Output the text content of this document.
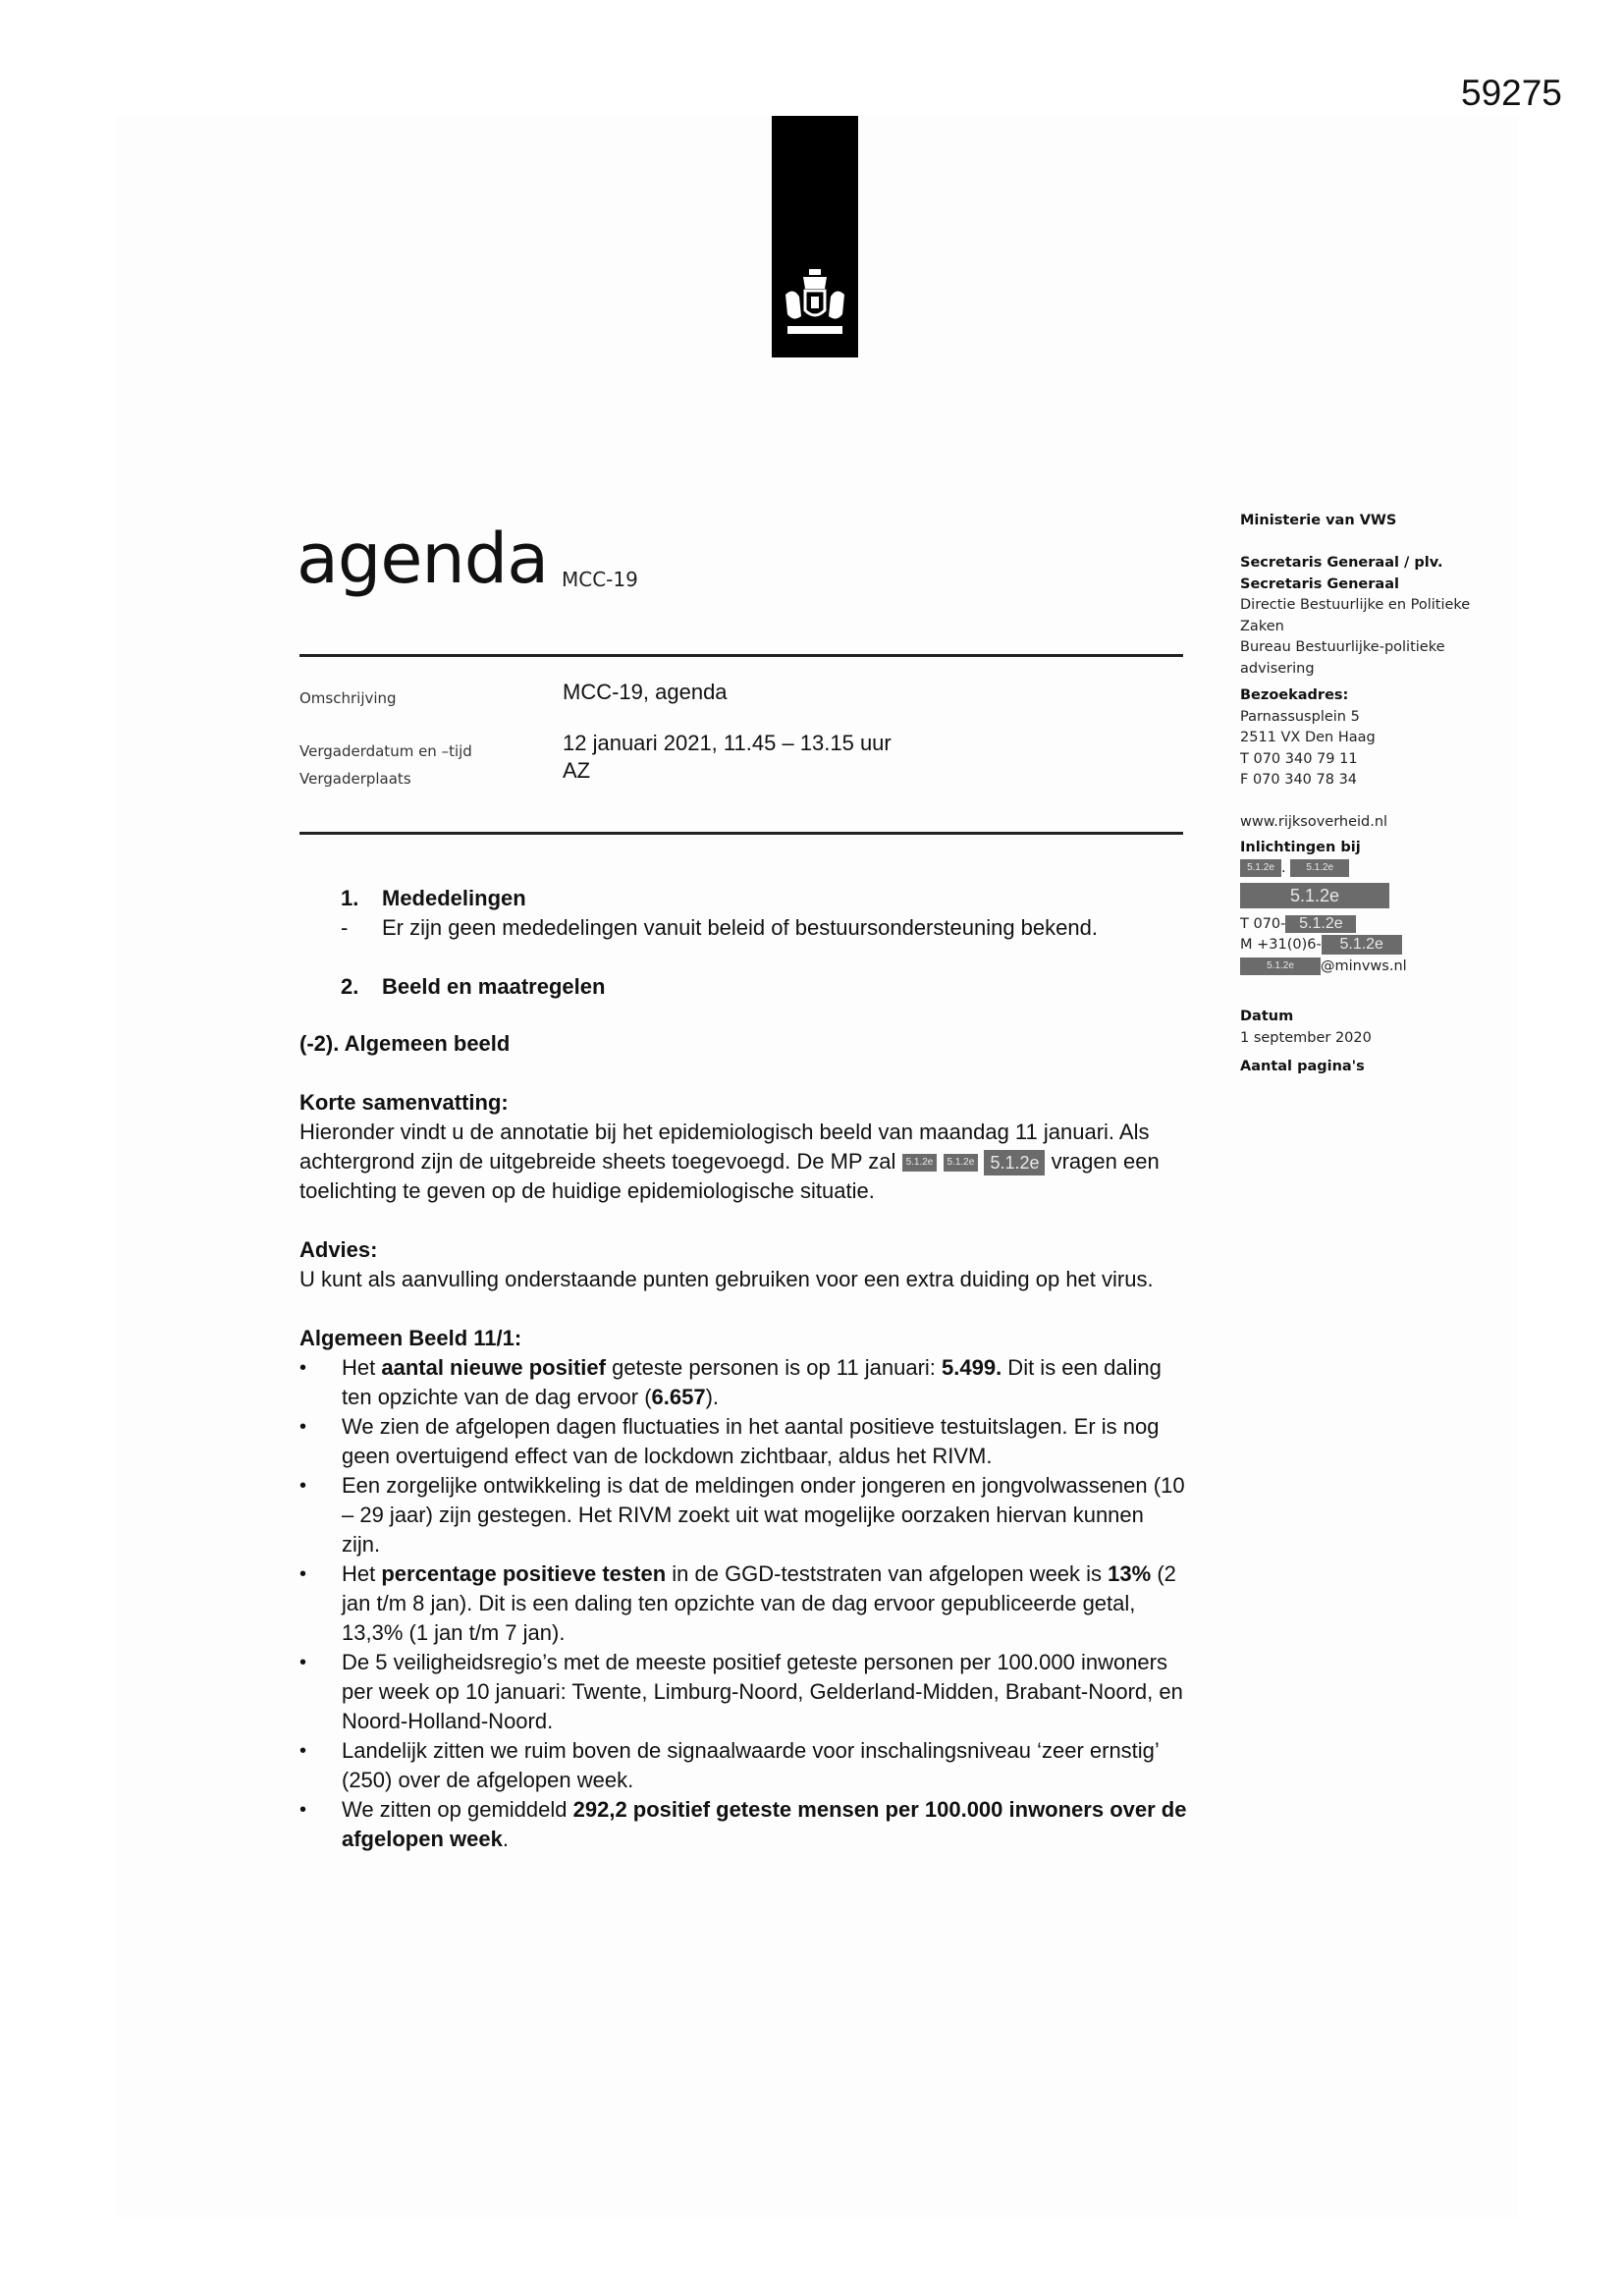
59275
agenda MCC-19
Omschrijving	MCC-19, agenda
Vergaderdatum en –tijd	12 januari 2021, 11.45 – 13.15 uur
Vergaderplaats	AZ
1.	Mededelingen
-	Er zijn geen mededelingen vanuit beleid of bestuursondersteuning bekend.
2.	Beeld en maatregelen
(-2). Algemeen beeld
Korte samenvatting:

Hieronder vindt u de annotatie bij het epidemiologisch beeld van maandag 11 januari. Als achtergrond zijn de uitgebreide sheets toegevoegd. De MP zal 5.1.2e 5.1.2e 5.1.2e vragen een toelichting te geven op de huidige epidemiologische situatie.

Advies:

U kunt als aanvulling onderstaande punten gebruiken voor een extra duiding op het virus.

Algemeen Beeld 11/1:
• Het aantal nieuwe positief geteste personen is op 11 januari: 5.499. Dit is een daling ten opzichte van de dag ervoor (6.657).
• We zien de afgelopen dagen fluctuaties in het aantal positieve testuitslagen. Er is nog geen overtuigend effect van de lockdown zichtbaar, aldus het RIVM.
• Een zorgelijke ontwikkeling is dat de meldingen onder jongeren en jongvolwassenen (10 – 29 jaar) zijn gestegen. Het RIVM zoekt uit wat mogelijke oorzaken hiervan kunnen zijn.
• Het percentage positieve testen in de GGD-teststraten van afgelopen week is 13% (2 jan t/m 8 jan). Dit is een daling ten opzichte van de dag ervoor gepubliceerde getal, 13,3% (1 jan t/m 7 jan).
• De 5 veiligheidsregio’s met de meeste positief geteste personen per 100.000 inwoners per week op 10 januari: Twente, Limburg-Noord, Gelderland-Midden, Brabant-Noord, en Noord-Holland-Noord.
• Landelijk zitten we ruim boven de signaalwaarde voor inschalingsniveau ‘zeer ernstig’ (250) over de afgelopen week.
• We zitten op gemiddeld 292,2 positief geteste mensen per 100.000 inwoners over de afgelopen week.
Ministerie van VWS
Secretaris Generaal / plv.
Secretaris Generaal
Directie Bestuurlijke en Politieke
Zaken
Bureau Bestuurlijke-politieke
advisering
Bezoekadres:
Parnassusplein 5
2511 VX Den Haag
T 070 340 79 11
F 070 340 78 34
www.rijksoverheid.nl
Inlichtingen bij
5.1.2e . 5.1.2e
5.1.2e
T 070- 5.1.2e
M +31(0)6- 5.1.2e
5.1.2e @minvws.nl
Datum
1 september 2020
Aantal pagina's
